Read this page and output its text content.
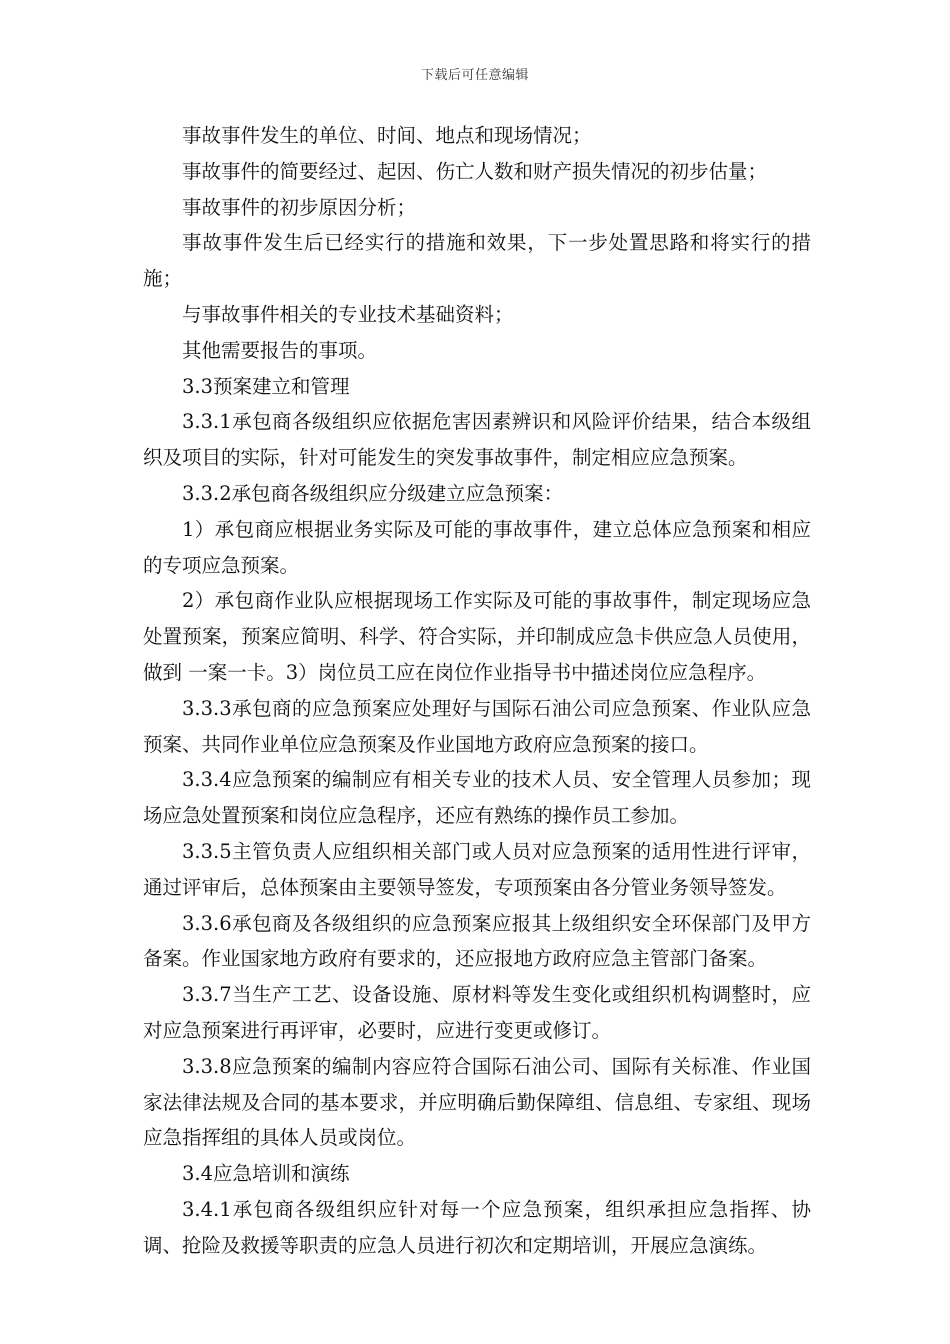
下载后可任意编辑

事故事件发生的单位、时间、地点和现场情况；

事故事件的简要经过、起因、伤亡人数和财产损失情况的初步估量；

事故事件的初步原因分析；

事故事件发生后已经实行的措施和效果，下一步处置思路和将实行的措施；

与事故事件相关的专业技术基础资料；

其他需要报告的事项。

3.3预案建立和管理

3.3.1承包商各级组织应依据危害因素辨识和风险评价结果，结合本级组织及项目的实际，针对可能发生的突发事故事件，制定相应应急预案。

3.3.2承包商各级组织应分级建立应急预案：

1）承包商应根据业务实际及可能的事故事件，建立总体应急预案和相应的专项应急预案。

2）承包商作业队应根据现场工作实际及可能的事故事件，制定现场应急处置预案，预案应简明、科学、符合实际，并印制成应急卡供应急人员使用，做到 一案一卡。3）岗位员工应在岗位作业指导书中描述岗位应急程序。

3.3.3承包商的应急预案应处理好与国际石油公司应急预案、作业队应急预案、共同作业单位应急预案及作业国地方政府应急预案的接口。

3.3.4应急预案的编制应有相关专业的技术人员、安全管理人员参加；现场应急处置预案和岗位应急程序，还应有熟练的操作员工参加。

3.3.5主管负责人应组织相关部门或人员对应急预案的适用性进行评审，通过评审后，总体预案由主要领导签发，专项预案由各分管业务领导签发。

3.3.6承包商及各级组织的应急预案应报其上级组织安全环保部门及甲方备案。作业国家地方政府有要求的，还应报地方政府应急主管部门备案。

3.3.7当生产工艺、设备设施、原材料等发生变化或组织机构调整时，应对应急预案进行再评审，必要时，应进行变更或修订。

3.3.8应急预案的编制内容应符合国际石油公司、国际有关标准、作业国家法律法规及合同的基本要求，并应明确后勤保障组、信息组、专家组、现场应急指挥组的具体人员或岗位。

3.4应急培训和演练

3.4.1承包商各级组织应针对每一个应急预案，组织承担应急指挥、协调、抢险及救援等职责的应急人员进行初次和定期培训，开展应急演练。
